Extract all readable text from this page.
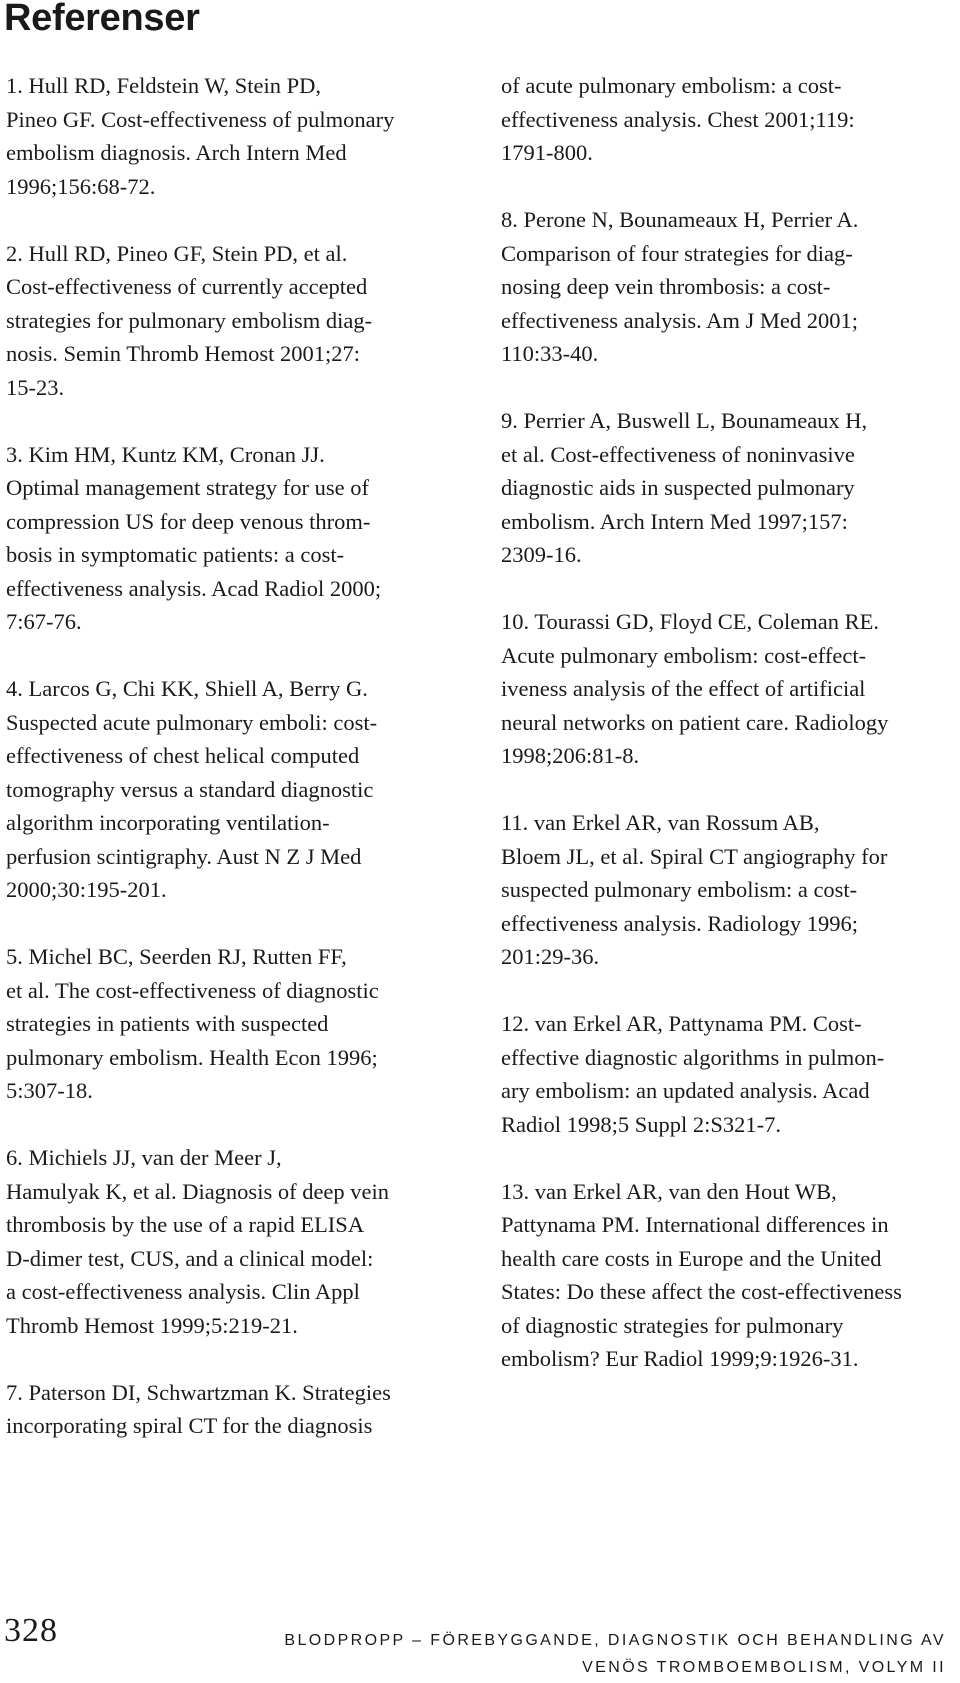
Referenser

1. Hull RD, Feldstein W, Stein PD,
Pineo GF. Cost-effectiveness of pulmonary
embolism diagnosis. Arch Intern Med
1996;156:68-72.

2. Hull RD, Pineo GF, Stein PD, et al.
Cost-effectiveness of currently accepted
strategies for pulmonary embolism diag-
nosis. Semin Thromb Hemost 2001;27:
15-23.

3. Kim HM, Kuntz KM, Cronan JJ.
Optimal management strategy for use of
compression US for deep venous throm-
bosis in symptomatic patients: a cost-
effectiveness analysis. Acad Radiol 2000;
7:67-76.

4. Larcos G, Chi KK, Shiell A, Berry G.
Suspected acute pulmonary emboli: cost-
effectiveness of chest helical computed
tomography versus a standard diagnostic
algorithm incorporating ventilation-
perfusion scintigraphy. Aust N Z J Med
2000;30:195-201.

5. Michel BC, Seerden RJ, Rutten FF,
et al. The cost-effectiveness of diagnostic
strategies in patients with suspected
pulmonary embolism. Health Econ 1996;
5:307-18.

6. Michiels JJ, van der Meer J,
Hamulyak K, et al. Diagnosis of deep vein
thrombosis by the use of a rapid ELISA
D-dimer test, CUS, and a clinical model:
a cost-effectiveness analysis. Clin Appl
Thromb Hemost 1999;5:219-21.

7. Paterson DI, Schwartzman K. Strategies
incorporating spiral CT for the diagnosis

of acute pulmonary embolism: a cost-
effectiveness analysis. Chest 2001;119:
1791-800.

8. Perone N, Bounameaux H, Perrier A.
Comparison of four strategies for diag-
nosing deep vein thrombosis: a cost-
effectiveness analysis. Am J Med 2001;
110:33-40.

9. Perrier A, Buswell L, Bounameaux H,
et al. Cost-effectiveness of noninvasive
diagnostic aids in suspected pulmonary
embolism. Arch Intern Med 1997;157:
2309-16.

10. Tourassi GD, Floyd CE, Coleman RE.
Acute pulmonary embolism: cost-effect-
iveness analysis of the effect of artificial
neural networks on patient care. Radiology
1998;206:81-8.

11. van Erkel AR, van Rossum AB,
Bloem JL, et al. Spiral CT angiography for
suspected pulmonary embolism: a cost-
effectiveness analysis. Radiology 1996;
201:29-36.

12. van Erkel AR, Pattynama PM. Cost-
effective diagnostic algorithms in pulmon-
ary embolism: an updated analysis. Acad
Radiol 1998;5 Suppl 2:S321-7.

13. van Erkel AR, van den Hout WB,
Pattynama PM. International differences in
health care costs in Europe and the United
States: Do these affect the cost-effectiveness
of diagnostic strategies for pulmonary
embolism? Eur Radiol 1999;9:1926-31.

328	BLODPROPP – FÖREBYGGANDE, DIAGNOSTIK OCH BEHANDLING AV
VENÖS TROMBOEMBOLISM, VOLYM II
